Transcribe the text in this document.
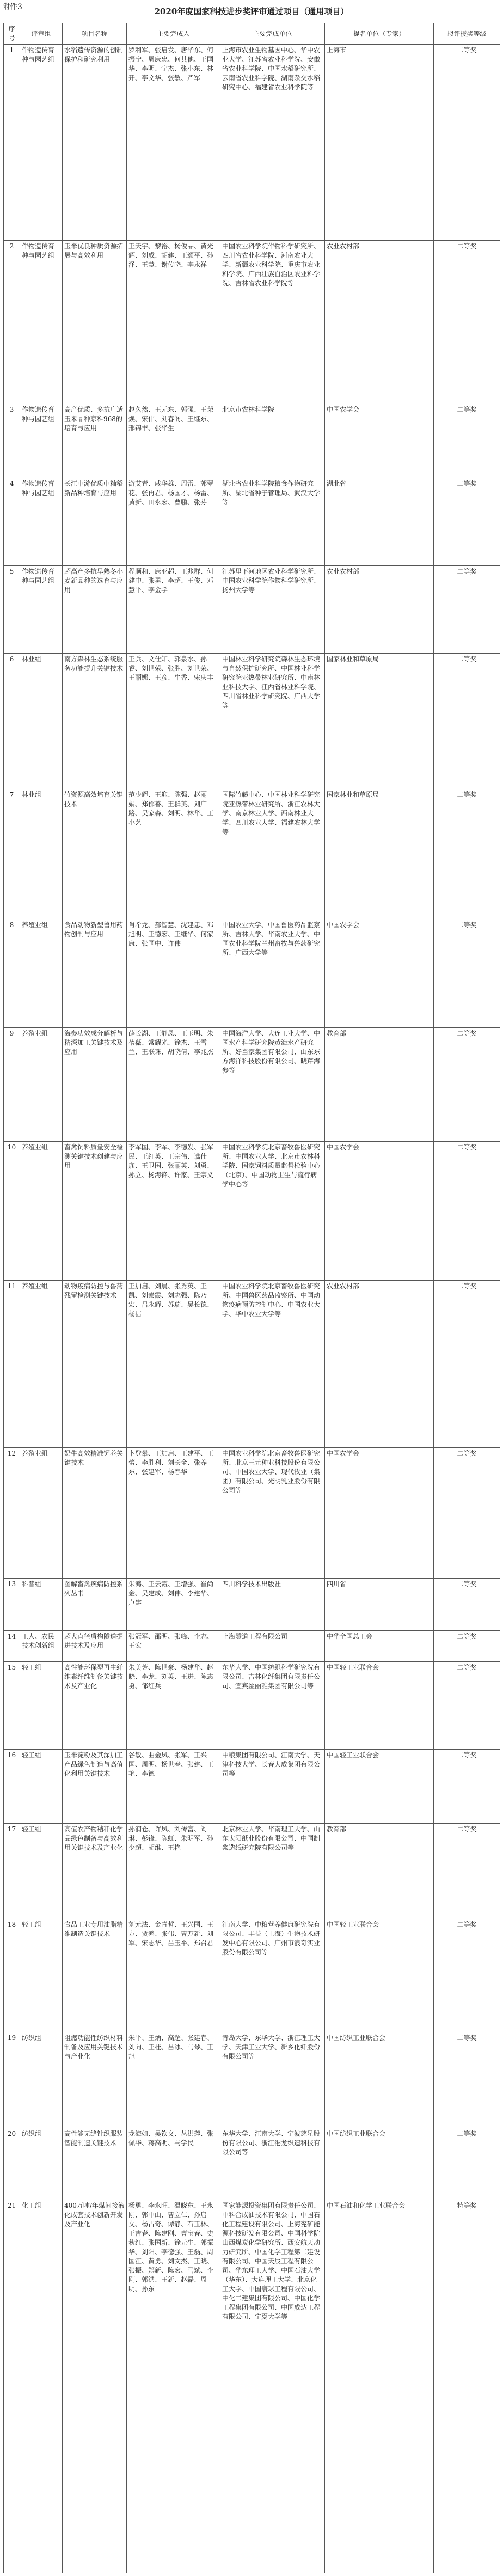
附件3	2020年度国家科技进步奖评审通过项目（通用项目）
序号	评审组	项目名称	主要完成人	主要完成单位	提名单位（专家）	拟评授奖等级
1	作物遗传育种与园艺组	水稻遗传资源的创制保护和研究利用	罗利军、张启发、唐华东、何振宁、周康忠、何其他、王国华、李明、宁杰、张小东、林开、李文华、张敏、严军	上海市农业生物基因中心、华中农业大学、江苏省农业科学院、安徽省农业科学院、中国水稻研究所、云南省农业科学院、湖南杂交水稻研究中心、福建省农业科学院等	上海市	二等奖
2	作物遗传育种与园艺组	玉米优良种质资源拓展与高效利用	王天宇、黎裕、杨俊品、黄光辉、刘成、胡建、王颂平、孙泽、王慧、谢传晓、李永祥	中国农业科学院作物科学研究所、四川省农业科学院、河南农业大学、新疆农业科学院、重庆市农业科学院、广西壮族自治区农业科学院、吉林省农业科学院等	农业农村部	二等奖
3	作物遗传育种与园艺组	高产优质、多抗广适玉米品种京科968的培育与应用	赵久然、王元东、郭强、王荣焕、宋伟、刘春阁、王继东、邢锦丰、张华生	北京市农林科学院	中国农学会	二等奖
4	作物遗传育种与园艺组	长江中游优质中籼稻新品种培育与应用	游艾青、戚华雄、周雷、郭翠花、张再君、杨国才、杨雷、黄新、田永宏、曹鹏、张芬	湖北省农业科学院粮食作物研究所、湖北省种子管理局、武汉大学等	湖北省	二等奖
5	作物遗传育种与园艺组	超高产多抗早熟冬小麦新品种的选育与应用	程顺和、康亚超、王兆群、何建中、张勇、李超、王俊、邓慧平、李金学	江苏里下河地区农业科学研究所、中国农业科学院作物科学研究所、扬州大学等	农业农村部	二等奖
6	林业组	南方森林生态系统服务功能提升关键技术	王兵、文仕知、郭泉水、孙睿、刘世荣、张胜、刘世荣、王丽娜、王彦、牛香、宋庆丰	中国林业科学研究院森林生态环境与自然保护研究所、中国林业科学研究院亚热带林业研究所、中南林业科技大学、江西省林业科学院、四川省林业科学研究院、广西大学等	国家林业和草原局	二等奖
7	林业组	竹资源高效培育关键技术	范少辉、王迎、陈强、赵丽娟、郑郁善、王群英、刘广路、吴家森、刘明、林华、王小艺	国际竹藤中心、中国林业科学研究院亚热带林业研究所、浙江农林大学、南京林业大学、西南林业大学、四川农业大学、福建农林大学等	国家林业和草原局	二等奖
8	养殖业组	食品动物新型兽用药物创制与应用	肖希龙、郝智慧、沈建忠、邓旭明、王德宏、王继华、何家康、张国中、许伟	中国农业大学、中国兽医药品监察所、吉林大学、华南农业大学、中国农业科学院兰州畜牧与兽药研究所、广西大学等	中国农学会	二等奖
9	养殖业组	海参功效成分解析与精深加工关键技术及应用	薛长湖、王静凤、王玉明、朱蓓薇、常耀光、徐杰、王雪兰、王联珠、胡晓倩、李兆杰	中国海洋大学、大连工业大学、中国水产科学研究院黄海水产研究所、好当家集团有限公司、山东东方海洋科技股份有限公司、晓芹海参等	教育部	二等奖
10	养殖业组	畜禽饲料质量安全检测关键技术创建与应用	李军国、李军、李德发、张军民、王红英、王宗伟、谯仕彦、王卫国、张丽英、刘勇、孙立、杨海锋、许家、王宗义	中国农业科学院北京畜牧兽医研究所、中国农业大学、北京市农林科学院、国家饲料质量监督检验中心（北京）、中国动物卫生与流行病学中心等	中国农学会	二等奖
11	养殖业组	动物疫病防控与兽药残留检测关键技术	王加启、刘晨、张秀英、王凯、刘素霞、刘志强、陈乃宏、吕永辉、苏瑞、吴长德、杨洁	中国农业科学院北京畜牧兽医研究所、中国兽医药品监察所、中国动物疫病预防控制中心、中国农业大学、华中农业大学等	农业农村部	二等奖
12	养殖业组	奶牛高效精准饲养关键技术	卜登攀、王加启、王建平、王蕾、李胜利、刘长全、张养东、张建军、杨春华	中国农业科学院北京畜牧兽医研究所、北京三元种业科技股份有限公司、中国农业大学、现代牧业（集团）有限公司、光明乳业股份有限公司等	中国农学会	二等奖
13	科普组	图解畜禽疾病防控系列丛书	朱鸿、王云霞、王增强、崔尚金、吴建成、刘伟、李建华、卢建	四川科学技术出版社	四川省	二等奖
14	工人、农民技术创新组	超大直径盾构隧道掘进技术及应用	张冠军、邵明、张峰、李志、王宏	上海隧道工程有限公司	中华全国总工会	二等奖
15	轻工组	高性能环保型再生纤维素纤维制备关键技术及产业化	朱美芳、陈世豪、杨建华、赵晓、李龙、刘英、王进、陈志勇、邹红兵	东华大学、中国纺织科学研究院有限公司、吉林化纤集团有限责任公司、宜宾丝丽雅集团有限公司等	中国轻工业联合会	二等奖
16	轻工组	玉米淀粉及其深加工产品绿色制造与高值化利用关键技术	谷敏、曲金凤、张军、王兴国、周明、杨世春、张建、王艳、李德	中粮集团有限公司、江南大学、天津科技大学、长春大成集团有限公司等	中国轻工业联合会	二等奖
17	轻工组	高值农产物秸秆化学品绿色制备与高效利用关键技术及产业化	孙润仓、许凤、刘传富、阎琳、彭锋、陈虹、朱明军、孙少超、胡维、王艳	北京林业大学、华南理工大学、山东太阳纸业股份有限公司、中国制浆造纸研究院有限公司等	教育部	二等奖
18	轻工组	食品工业专用油脂精准制造关键技术	刘元法、金青哲、王兴国、王方、贾鸿、张伟、曹万新、刘军、宋志华、吕玉平、郑召君	江南大学、中粮营养健康研究院有限公司、丰益（上海）生物技术研发中心有限公司、广州市浪奇实业股份有限公司等	中国轻工业联合会	二等奖
19	纺织组	阻燃功能性纺织材料制备及应用关键技术与产业化	朱平、王炳、高超、张建春、刘向、王桂、吕冰、马琴、王旭	青岛大学、东华大学、浙江理工大学、天津工业大学、新乡化纤股份有限公司等	中国纺织工业联合会	二等奖
20	纺织组	高性能无缝针织服装智能制造关键技术	龙海如、吴钦文、丛洪莲、张佩华、蒋高明、马学民	东华大学、江南大学、宁波慈星股份有限公司、浙江港龙织造科技有限公司等	中国纺织工业联合会	二等奖
21	化工组	400万吨/年煤间接液化成套技术创新开发及产业化	杨勇、李永旺、温晓东、王永刚、郭中山、曹立仁、孙启文、杨占奇、谭静、石玉林、王吉春、陈建刚、曹宝春、史秋红、张国新、徐元生、郭振华、刘阳、李德强、王磊、周国江、黄勇、刘文杰、王晓、张振、郑新、陈宏、马斌、李刚、郭洪、王新、赵磊、周明、孙东	国家能源投资集团有限责任公司、中科合成油技术有限公司、中国石化工程建设有限公司、上海兖矿能源科技研发有限公司、中国科学院山西煤炭化学研究所、西安航天动力研究所、中国化学工程第二建设有限公司、中国天辰工程有限公司、华东理工大学、中国石油大学（华东）、大连理工大学、北京化工大学、中国寰球工程有限公司、中化二建集团有限公司、中国化学工程集团有限公司、中国成达工程有限公司、宁夏大学等	中国石油和化学工业联合会	特等奖
